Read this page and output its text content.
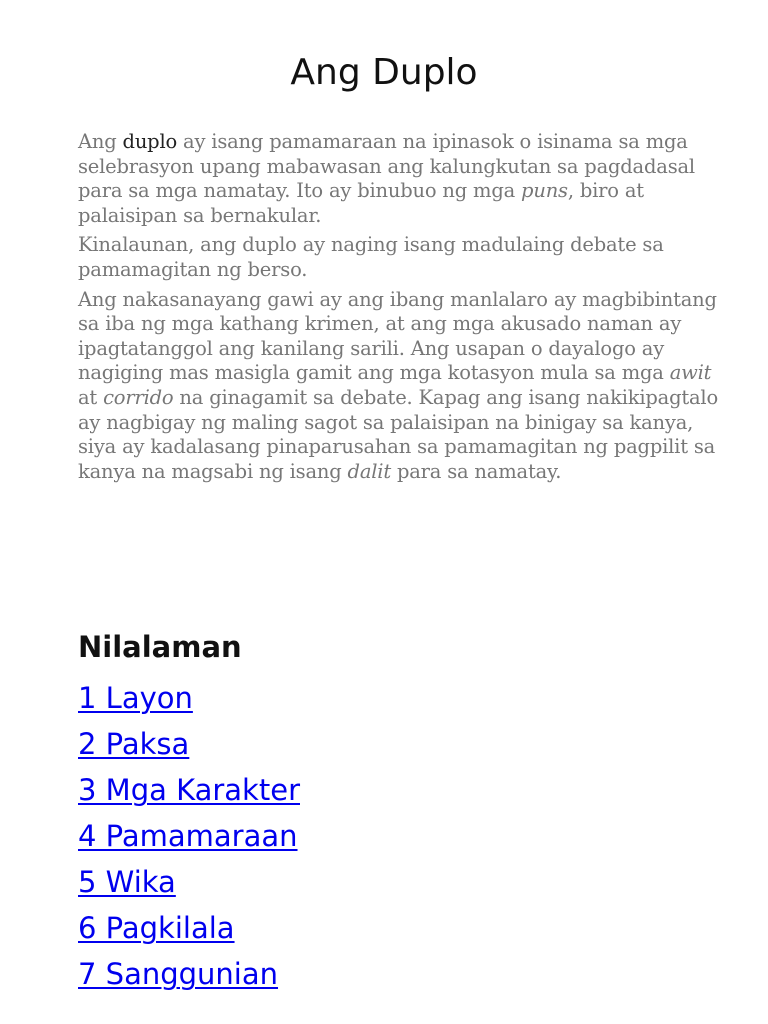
Ang Duplo

Ang duplo ay isang pamamaraan na ipinasok o isinama sa mga selebrasyon upang mabawasan ang kalungkutan sa pagdadasal para sa mga namatay. Ito ay binubuo ng mga puns, biro at palaisipan sa bernakular.

Kinalaunan, ang duplo ay naging isang madulaing debate sa pamamagitan ng berso.

Ang nakasanayang gawi ay ang ibang manlalaro ay magbibintang sa iba ng mga kathang krimen, at ang mga akusado naman ay ipagtatanggol ang kanilang sarili. Ang usapan o dayalogo ay nagiging mas masigla gamit ang mga kotasyon mula sa mga awit at corrido na ginagamit sa debate. Kapag ang isang nakikipagtalo ay nagbigay ng maling sagot sa palaisipan na binigay sa kanya, siya ay kadalasang pinaparusahan sa pamamagitan ng pagpilit sa kanya na magsabi ng isang dalit para sa namatay.

Nilalaman
1 Layon
2 Paksa
3 Mga Karakter
4 Pamamaraan
5 Wika
6 Pagkilala
7 Sanggunian
